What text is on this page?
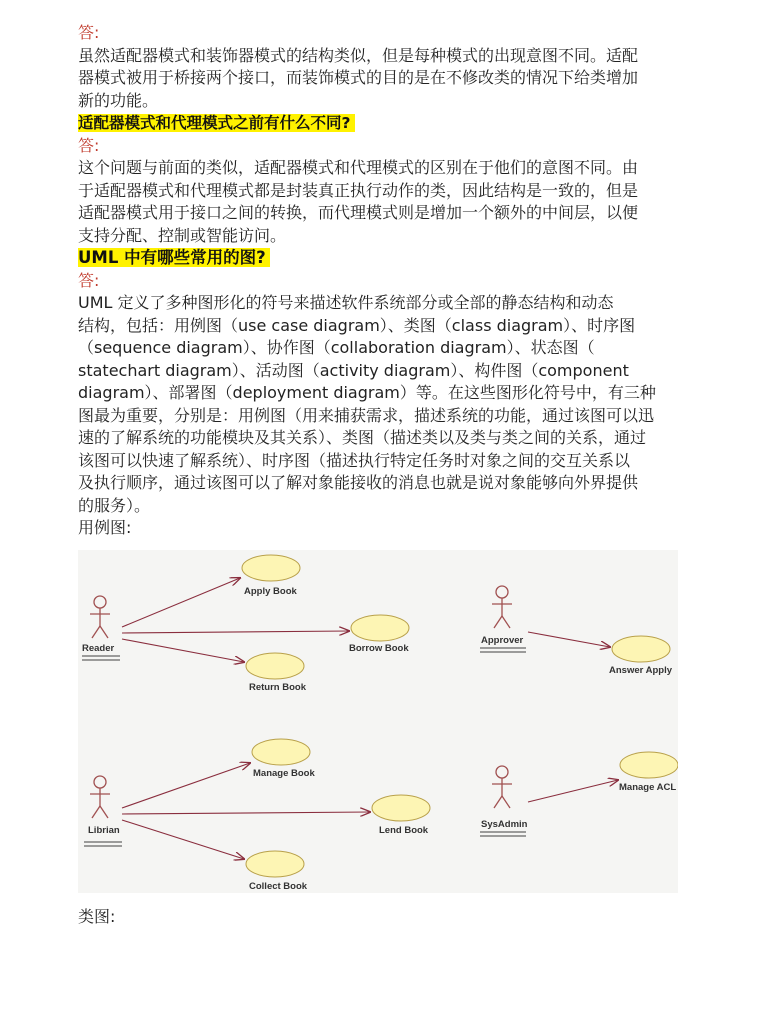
答:
虽然适配器模式和装饰器模式的结构类似，但是每种模式的出现意图不同。适配
器模式被用于桥接两个接口，而装饰模式的目的是在不修改类的情况下给类增加
新的功能。
适配器模式和代理模式之前有什么不同?
答:
这个问题与前面的类似，适配器模式和代理模式的区别在于他们的意图不同。由
于适配器模式和代理模式都是封装真正执行动作的类，因此结构是一致的，但是
适配器模式用于接口之间的转换，而代理模式则是增加一个额外的中间层，以便
支持分配、控制或智能访问。
UML 中有哪些常用的图?
答:
UML 定义了多种图形化的符号来描述软件系统部分或全部的静态结构和动态
结构，包括：用例图（use case diagram）、类图（class diagram）、时序图
（sequence diagram）、协作图（collaboration diagram）、状态图（
statechart diagram）、活动图（activity diagram）、构件图（component
diagram）、部署图（deployment diagram）等。在这些图形化符号中，有三种
图最为重要，分别是：用例图（用来捕获需求，描述系统的功能，通过该图可以迅
速的了解系统的功能模块及其关系）、类图（描述类以及类与类之间的关系，通过
该图可以快速了解系统）、时序图（描述执行特定任务时对象之间的交互关系以
及执行顺序，通过该图可以了解对象能接收的消息也就是说对象能够向外界提供
的服务）。
用例图:
Reader
Approver
Librian
SysAdmin
Apply Book
Borrow Book
Return Book
Answer Apply
Manage Book
Lend Book
Collect Book
Manage ACL
类图:
